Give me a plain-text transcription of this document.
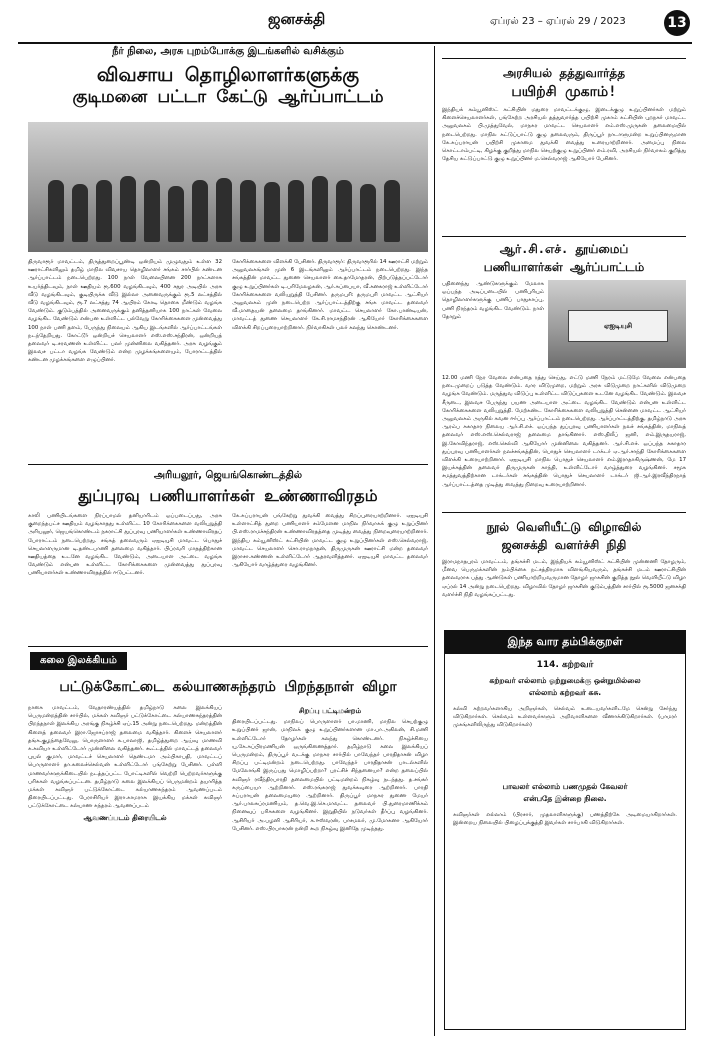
ஜனசக்தி	ஏப்ரல் 23 – ஏப்ரல் 29 / 2023	13
நீர் நிலை, அரசு புறம்போக்கு இடங்களில் வசிக்கும்
விவசாய தொழிலாளர்களுக்கு
குடிமனை பட்டா கேட்டு ஆர்ப்பாட்டம்
திருவாரூர் மாவட்டம், திருத்துறைப்பூண்டி ஒன்றியம் முழுவதும் உள்ள 32 ஊராட்சிகளிலும் தமிழ் மாநில விவசாய தொழிலாளர் சங்கம் சார்பில் கண்டன ஆர்ப்பாட்டம் நடைபெற்றது. 100 நாள் வேலையினை 200 நாட்களாக உயர்த்திடவும், நாள் ஊதியம் ரூ.600 வழங்கிடவும், 400 சதுர அடியில் அரசு வீடு வழங்கிடவும், குடியிருக்க வீடு இல்லா அனைவருக்கும் ரூ.5 லட்சத்தில் வீடு வழங்கிடவும், ரூ.7 லட்சத்து 74 ஆயிரம் கோடி தொகை மீண்டும் வழங்க வேண்டும். குடும்பத்தில் அனைவருக்கும் தனித்தனியாக 100 நாட்கள் வேலை வழங்கிட வேண்டும் என்பன உள்ளிட்ட பல்வேறு கோரிக்கைகளை முன்வைத்து 100 நாள் பணி தளம், பேருந்து நிலையம் ஆகிய இடங்களில் ஆர்ப்பாட்டங்கள் நடந்தேறியது. கோட்டூர் ஒன்றியச் செயலாளர் எஸ்.எஸ்.சந்திரன், ஒன்றியத் தலைவர் டி.சரவணன் உள்ளிட்ட பலர் முன்னிலை வகித்தனர். அரசு வழங்கும் இலவச பட்டா வழங்க வேண்டும் என்ற முழக்கங்களையும், போராட்டத்தில் கண்டன முழக்கங்களை எழுப்பினர்.
கோரிக்கைகளை விளக்கி பேசினர். திருவாரூர்: திருவாரூரில் 14 ஊராட்சி மற்றும் அலுவலகங்கள் முன் 6 இடங்களிலும் ஆர்ப்பாட்டம் நடைபெற்றது. இந்த சங்கத்தின் மாவட்ட துணை செயலாளர் கை.தாமோதரன், பிற்படுத்தப்பட்டோர் குழு உறுப்பினர்கள் டி.பரிமேலழகன், ஆர்.சுப்பையா, வீ.கனகராஜ் உள்ளிட்டோர் கோரிக்கைகளை வலியுறுத்தி பேசினர். தருமபுரி: தருமபுரி மாவட்ட ஆட்சியர் அலுவலகம் முன் நடைபெற்ற ஆர்ப்பாட்டத்திற்கு சங்க மாவட்ட தலைவர் வீ.மாதையன் தலைமை தாங்கினார். மாவட்ட செயலாளர் கோ.பாண்டியன், மாவட்டத் துணை செயலாளர் கே.சி.ராமசந்திரன் ஆகியோர் கோரிக்கைகளை விளக்கி சிறப்புரையாற்றினார். நிர்வாகிகள் பலர் கலந்து கொண்டனர்.
அரியலூர், ஜெயங்கொண்டத்தில்
துப்புரவு பணியாளர்கள் உண்ணாவிரதம்
காலி பணியிடங்களை நிரப்பாமல் தனியாரிடம் ஒப்படைப்பது, அரசு குறைந்தபட்ச ஊதியம் வழங்காதது உள்ளிட்ட 10 கோரிக்கைகளை வலியுறுத்தி அரியலூர், ஜெயங்கொண்டம் நகராட்சி துப்புரவு பணியாளர்கள் உண்ணாவிரதப் போராட்டம் நடைபெற்றது. சங்கத் தலைவரும் ஏஐடியுசி மாவட்ட பொதுச் செயலாளருமான டி.தண்டபாணி தலைமை வகித்தார். பிப்ரவரி மாதத்திற்கான ஊதியத்தை உடனே வழங்கிட வேண்டும், அடையாள அட்டை வழங்க வேண்டும் என்பன உள்ளிட்ட கோரிக்கைகளை முன்வைத்து துப்புரவு பணியாளர்கள் உண்ணாவிரதத்தில் ஈடுபட்டனர்.
கே.சுப்பராயன் பங்கேற்று துவக்கி வைத்து சிறப்புரையாற்றினார். ஏஐடியுசி உள்ளாட்சித் துறை பணியாளர் சம்மேளன மாநில நிர்வாகக் குழு உறுப்பினர் பி.எஸ்.ராமச்சந்திரன் உண்ணாவிரதத்தை முடித்து வைத்து நிறைவுரையாற்றினார். இந்திய கம்யூனிஸ்ட் கட்சியின் மாவட்ட குழு உறுப்பினர்கள் எஸ்.செல்வராஜ், மாவட்ட செயலாளர் சொ.ராமநாதன், திருமுருகன் ஊராட்சி மன்ற தலைவர் இராசா.கண்ணன் உள்ளிட்டோர் ஆதரவளித்தனர். ஏஐடியுசி மாவட்ட தலைவர் ஆகியோர் வாழ்த்துரை வழங்கினர்.
கலை இலக்கியம்
பட்டுக்கோட்டை கல்யாணசுந்தரம் பிறந்தநாள் விழா
நாகை மாவட்டம், வேதாரண்யத்தில் தமிழ்நாடு கலை இலக்கியப் பெருமன்றத்தின் சார்பில், மக்கள் கவிஞர் பட்டுக்கோட்டை கல்யாணசுந்தரத்தின் பிறந்தநாள் இலக்கிய அரங்கு நிகழ்ச்சி ஏப்.15 அன்று நடைபெற்றது. மன்றத்தின் கிளைத் தலைவர் இரா.ஜோசப்ராஜ் தலைமை வகித்தார். கிளைச் செயலாளர் தங்க.குழந்தைவேலு, பொருளாளர் க.பாலாஜி, தமிழ்த்துறை ஆய்வு மாணவி க.கவியா உள்ளிட்டோர் முன்னிலை வகித்தனர். கூட்டத்தில் மாவட்டத் தலைவர் புயல் குமார், மாவட்டச் செயலாளர் தெண்டமா அம்பிகாபதி, மாவட்டப் பொருளாளர் தா.கலைச்செல்வன் உள்ளிட்டோர் பங்கேற்று பேசினர். பள்ளி மாணவர்களுக்கிடையில் நடத்தப்பட்ட போட்டிகளில் வெற்றி பெற்றவர்களுக்கு பரிசுகள் வழங்கப்பட்டன. தமிழ்நாடு கலை இலக்கியப் பெருமன்றம் தயாரித்த மக்கள் கவிஞர் பட்டுக்கோட்டை கல்யாணசுந்தரம் ஆவணப்படம் திரையிடப்பட்டது. பேராசிரியர் இரா.காமராசு இயக்கிய மக்கள் கவிஞர் பட்டுக்கோட்டை கல்யாண சுந்தரம் ஆவணப்படம்
ஆவணப்படம் திரையிடல்
சிறப்பு பட்டிமன்றம்
திரையிடப்பட்டது. மாநிலப் பொருளாளர் பா.மாணி, மாநில செயற்குழு உறுப்பினர் ஜான், மாநிலக் குழு உறுப்பினர்களான மா.பா.அகிலன், சி.மணி உள்ளிட்டோர் தோழர்கள் கலந்து கொண்டனர். நிகழ்ச்சியை யு.கே.சுப்பிரமணியன் ஒருங்கிணைத்தார். தமிழ்நாடு கலை இலக்கியப் பெருமன்றம், திருப்பூர் வடக்கு மாநகர சார்பில் பாவேந்தர் பாரதிதாசன் விழா சிறப்பு பட்டிமன்றம் நடைபெற்றது. பாவேந்தர் பாரதிதாசன் பாடல்களில் மேலோங்கி இருப்பது மொழிப்பற்றா? புரட்சிச் சிந்தனையா? என்ற தலைப்பில் கவிஞர் ரவீந்திரபாரதி தலைமையில் பட்டிமன்றம் நிகழ்வு நடந்தது. த.சங்கர் கருப்பையா ஆற்றினார். எஸ்.ரங்கராஜ் துவக்கவுரை ஆற்றினார். பாரதி சுப்பராயன் தலைமையுரை ஆற்றினார். திருப்பூர் மாநகர துணை மேயர் ஆர்.பாலசுப்ரமணியம், த.வெ.இ.செ.மாவட்ட தலைவர் பி.துரைமாணிக்கம் நினைவுப் பரிசுகளை வழங்கினர். இறுதியில் நடுவர்கள் தீர்ப்பு வழங்கினர். ஆசிரியர் அ.பழனி ஆசிரியர், க.ஈஸ்வரன், பாசமலர், மு.மோகனா ஆகியோர் பேசினர். எஸ்.பிரபாகரன் நன்றி கூற நிகழ்வு இனிதே முடிந்தது.
அரசியல் தத்துவார்த்த
பயிற்சி முகாம்!
இந்தியக் கம்யூனிஸ்ட் கட்சியின் மதுரை மாவட்டக்குழு, இடைக்குழு உறுப்பினர்கள் மற்றும் கிளைச்செயலாளர்கள், பங்கேற்ற அரசியல் தத்துவார்த்த பயிற்சி முகாம் கட்சியின் புறநகர் மாவட்ட அலுவலகம் பி.முத்துவேல், மாநகர மாவட்ட செயலாளர் எம்.எஸ்.முருகன் தலைமையில் நடைபெற்றது. மாநில கட்டுப்பாட்டு குழு தலைவரும், திருப்பூர் நாடாளுமன்ற உறுப்பினருமான கே.சுப்பராயன் பயிற்சி முகாமை துவக்கி வைத்து உரையாற்றினார். அமைப்பு நிலை கொட்டாம்பட்டி, கிழக்கு குறித்து மாநில செயற்குழு உறுப்பினர் எம்.ரவி, அரசியல் நிர்வாகம் குறித்து தேசிய கட்டுப்பாட்டு குழு உறுப்பினர் ம.செல்வராஜ் ஆகியோர் பேசினர்.
ஆர்.சி.எச். தூய்மைப்
பணியாளர்கள் ஆர்ப்பாட்டம்
பதினைந்து ஆண்டுகளுக்கும் மேலாக ஒப்பந்த அடிப்படையில் பணிபுரியும் தொழிலாளர்களுக்கு பணிப் பாதுகாப்பு, பணி நிரந்தரம் வழங்கிட வேண்டும். நாள் தோறும்
ஏஐடியுசி
12.00 மணி நேர வேலை என்பதை ரத்து செய்து, எட்டு மணி நேரம் மட்டுமே வேலை என்பதை நடைமுறைப் படுத்த வேண்டும். வார விடுமுறை, மற்றும் அரசு விடுமுறை நாட்களில் விடுமுறை வழங்க வேண்டும். மருத்துவ விடுப்பு உள்ளிட்ட விடுப்புகளை உடனே வழங்கிட வேண்டும். இலவச சீருடை, இலவச பேருந்து பயண அடையாள அட்டை வழங்கிட வேண்டும் என்பன உள்ளிட்ட கோரிக்கைகளை வலியுறுத்தி. மேற்கண்ட கோரிக்கைகளை வலியுறுத்தி சென்னை மாவட்ட ஆட்சியர் அலுவலகம் அருகில் கவன ஈர்ப்பு ஆர்ப்பாட்டம் நடைபெற்றது. ஆர்ப்பாட்டத்திற்கு, தமிழ்நாடு அரசு ஆரம்ப சுகாதார நிலைய ஆர்.சி.எச். ஒப்பந்த துப்புரவு பணியாளர்கள் நலச் சங்கத்தின், மாநிலத் தலைவர் எஸ்.எஸ்.செல்வராஜ் தலைமை தாங்கினார். எஸ்.திலீப் ஜனி, எம்.இருதயராஜ், இ.கோவிந்தராஜ், எஸ்.செல்வி ஆகியோர் முன்னிலை வகித்தனர். ஆர்.சி.எச். ஒப்பந்த சுகாதார துப்புரவு பணியாளர்கள் நலச்சங்கத்தின், பொதுச் செயலாளர் டாக்டர் ஏ.ஆர்.சாந்தி கோரிக்கைகளை விளக்கி உரையாற்றினார். ஏஐடியுசி மாநில பொதுச் செயலாளர் எம்.இராதாகிருஷ்ணன், மே 17 இயக்கத்தின் தலைவர் திருமுருகன் காந்தி, உள்ளிட்டோர் வாழ்த்துரை வழங்கினர். சமூக சமத்துவத்திற்கான டாக்டர்கள் சங்கத்தின் பொதுச் செயலாளர் டாக்டர் ஜி.ஆர்.இரவீந்திரநாத் ஆர்ப்பாட்டத்தை முடித்து வைத்து நிறைவு உரையாற்றினார்.
நூல் வெளியீட்டு விழாவில்
ஜனசக்தி வளர்ச்சி நிதி
இராமநாதபுரம் மாவட்டம், தங்கச்சி மடம், இந்தியக் கம்யூனிஸ்ட் கட்சியின் முன்னணி தோழரும், மீனவ பெருமக்களின் நம்பிக்கை நட்சத்திரமாக விளங்கியவரும், தங்கச்சி மடம் ஊராட்சியின் தலைவராக பத்து ஆண்டுகள் பணியாற்றியவருமான தோழர் ஜாகசின் குறித்த நூல் வெளியீட்டு விழா ஏப்ரல் 14 அன்று நடைபெற்றது. விழாவில் தோழர் ஜாகசின் குடும்பத்தின் சார்பில் ரூ.5000 ஜனசக்தி வளர்ச்சி நிதி வழங்கப்பட்டது.
இந்த வார தம்பிக்குறள்
114. கற்றவர்
கற்றவர் எல்லாம் ஓற்றுமைக்கு ஒன்றுமில்லை
எல்லாம் கற்றவர் கசு.
கல்வி கற்றவர்களாகிய அறிஞர்கள், செல்வம் உடையவர்களிடமே சென்று சேர்ந்து விடுகிறார்கள். செல்வம் உள்ளவர்களும் அறிவாளிகளை வீணாக்கிடுகிறார்கள். (பாமரர் முகங்களிலிருந்து விடுகிறார்கள்)
பாவலர் எல்லாம் பணமுதல் கேவலர்
என்பதே இன்றை நிலை.
கவிஞர்கள் எல்லாம் (பிரசார், முதலாளிகளுக்கு) பணத்திற்கே அடிமையாகிறார்கள். இன்றைய நிலையில் பிழைப்புக்குத்தி இவர்கள் சார்பாகி விடுகிறார்கள்.
